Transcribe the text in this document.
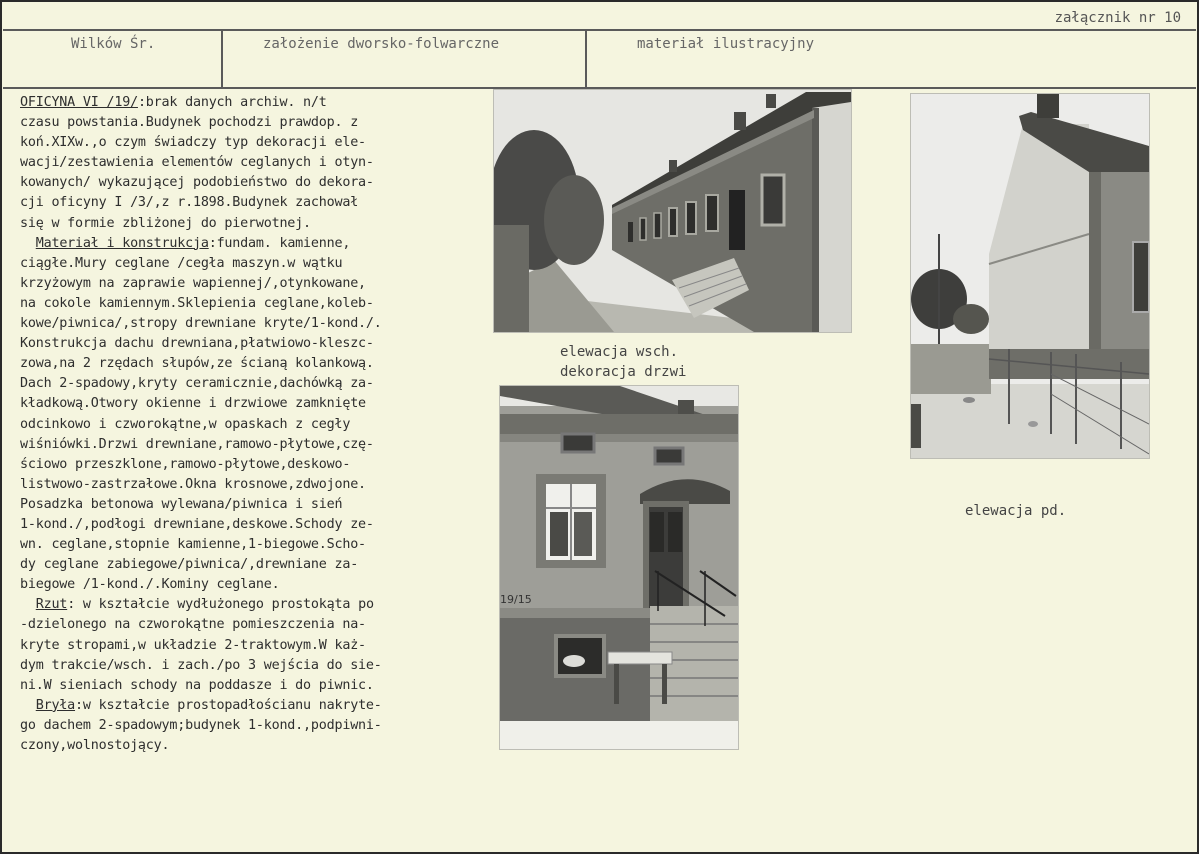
załącznik nr 10
Wilków Śr.	założenie dworsko-folwarczne	materiał ilustracyjny

OFICYNA VI /19/:brak danych archiw. n/t

czasu powstania.Budynek pochodzi prawdop. z

koń.XIXw.,o czym świadczy typ dekoracji ele-

wacji/zestawienia elementów ceglanych i otyn-

kowanych/ wykazującej podobieństwo do dekora-

cji oficyny I /3/,z r.1898.Budynek zachował

się w formie zbliżonej do pierwotnej.

Materiał i konstrukcja:fundam. kamienne,

ciągłe.Mury ceglane /cegła maszyn.w wątku

krzyżowym na zaprawie wapiennej/,otynkowane,

na cokole kamiennym.Sklepienia ceglane,koleb-

kowe/piwnica/,stropy drewniane kryte/1-kond./.

Konstrukcja dachu drewniana,płatwiowo-kleszc-

zowa,na 2 rzędach słupów,ze ścianą kolankową.

Dach 2-spadowy,kryty ceramicznie,dachówką za-

kładkową.Otwory okienne i drzwiowe zamknięte

odcinkowo i czworokątne,w opaskach z cegły

wiśniówki.Drzwi drewniane,ramowo-płytowe,czę-

ściowo przeszklone,ramowo-płytowe,deskowo-

listwowo-zastrzałowe.Okna krosnowe,zdwojone.

Posadzka betonowa wylewana/piwnica i sień

1-kond./,podłogi drewniane,deskowe.Schody ze-

wn. ceglane,stopnie kamienne,1-biegowe.Scho-

dy ceglane zabiegowe/piwnica/,drewniane za-

biegowe /1-kond./.Kominy ceglane.

Rzut: w kształcie wydłużonego prostokąta po

-dzielonego na czworokątne pomieszczenia na-

kryte stropami,w układzie 2-traktowym.W każ-

dym trakcie/wsch. i zach./po 3 wejścia do sie-

ni.W sieniach schody na poddasze i do piwnic.

Bryła:w kształcie prostopadłościanu nakryte-

go dachem 2-spadowym;budynek 1-kond.,podpiwni-

czony,wolnostojący.

19/15
elewacja wsch.
dekoracja drzwi
elewacja pd.
